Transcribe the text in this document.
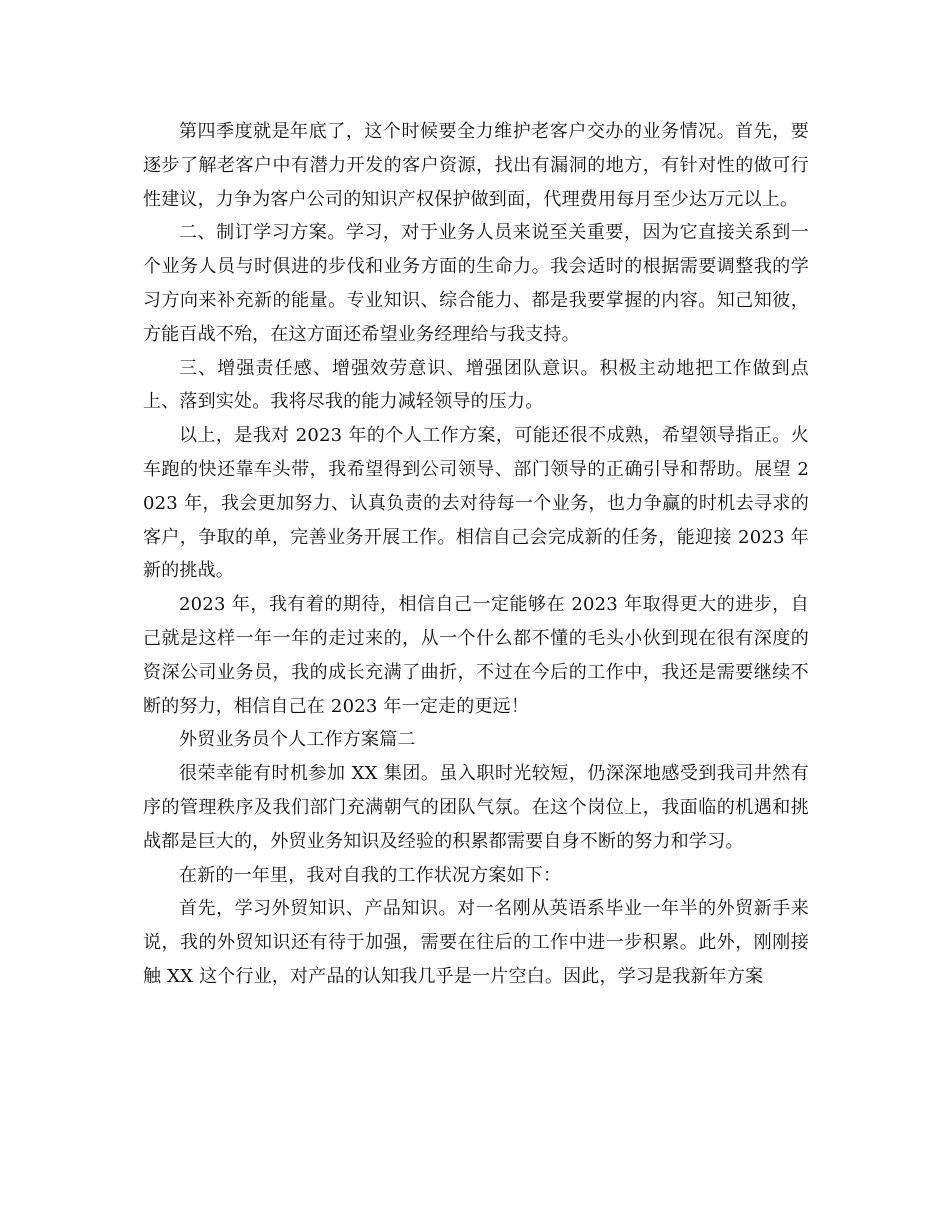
第四季度就是年底了，这个时候要全力维护老客户交办的业务情况。首先，要逐步了解老客户中有潜力开发的客户资源，找出有漏洞的地方，有针对性的做可行性建议，力争为客户公司的知识产权保护做到面，代理费用每月至少达万元以上。

二、制订学习方案。学习，对于业务人员来说至关重要，因为它直接关系到一个业务人员与时俱进的步伐和业务方面的生命力。我会适时的根据需要调整我的学习方向来补充新的能量。专业知识、综合能力、都是我要掌握的内容。知己知彼，方能百战不殆，在这方面还希望业务经理给与我支持。

三、增强责任感、增强效劳意识、增强团队意识。积极主动地把工作做到点上、落到实处。我将尽我的能力减轻领导的压力。

以上，是我对 2023 年的个人工作方案，可能还很不成熟，希望领导指正。火车跑的快还靠车头带，我希望得到公司领导、部门领导的正确引导和帮助。展望 2023 年，我会更加努力、认真负责的去对待每一个业务，也力争赢的时机去寻求的客户，争取的单，完善业务开展工作。相信自己会完成新的任务，能迎接 2023 年新的挑战。

2023 年，我有着的期待，相信自己一定能够在 2023 年取得更大的进步，自己就是这样一年一年的走过来的，从一个什么都不懂的毛头小伙到现在很有深度的资深公司业务员，我的成长充满了曲折，不过在今后的工作中，我还是需要继续不断的努力，相信自己在 2023 年一定走的更远！

外贸业务员个人工作方案篇二

很荣幸能有时机参加 XX 集团。虽入职时光较短，仍深深地感受到我司井然有序的管理秩序及我们部门充满朝气的团队气氛。在这个岗位上，我面临的机遇和挑战都是巨大的，外贸业务知识及经验的积累都需要自身不断的努力和学习。

在新的一年里，我对自我的工作状况方案如下：

首先，学习外贸知识、产品知识。对一名刚从英语系毕业一年半的外贸新手来说，我的外贸知识还有待于加强，需要在往后的工作中进一步积累。此外，刚刚接触 XX 这个行业，对产品的认知我几乎是一片空白。因此，学习是我新年方案
